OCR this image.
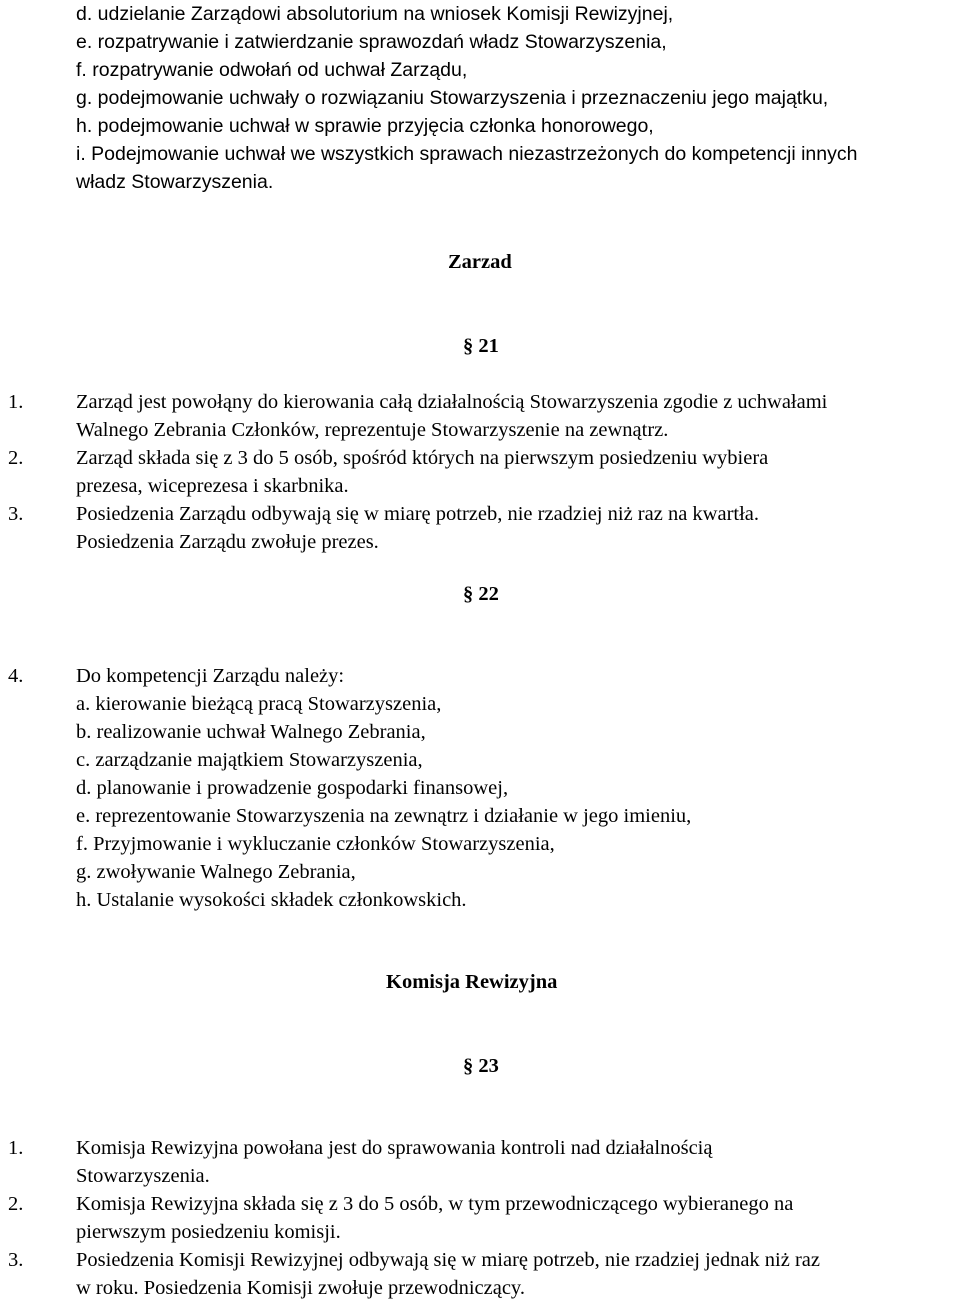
d. udzielanie Zarządowi absolutorium na wniosek Komisji Rewizyjnej,
e. rozpatrywanie i zatwierdzanie sprawozdań władz Stowarzyszenia,
f. rozpatrywanie odwołań od uchwał Zarządu,
g. podejmowanie uchwały o rozwiązaniu Stowarzyszenia i przeznaczeniu jego majątku,
h. podejmowanie uchwał w sprawie przyjęcia członka honorowego,
i. Podejmowanie uchwał we wszystkich sprawach niezastrzeżonych do kompetencji innych
władz Stowarzyszenia.
Zarzad
§ 21
1.	Zarząd jest powołąny do kierowania całą działalnością Stowarzyszenia zgodie z uchwałami
Walnego Zebrania Członków, reprezentuje Stowarzyszenie na zewnątrz.
2.	Zarząd składa się z 3 do 5 osób, spośród których na pierwszym posiedzeniu wybiera
prezesa, wiceprezesa i skarbnika.
3.	Posiedzenia Zarządu odbywają się w miarę potrzeb, nie rzadziej niż raz na kwartła.
Posiedzenia Zarządu zwołuje prezes.
§ 22
4.	Do kompetencji Zarządu należy:
a. kierowanie bieżącą pracą Stowarzyszenia,
b. realizowanie uchwał Walnego Zebrania,
c. zarządzanie majątkiem Stowarzyszenia,
d. planowanie i prowadzenie gospodarki finansowej,
e. reprezentowanie Stowarzyszenia na zewnątrz i działanie w jego imieniu,
f. Przyjmowanie i wykluczanie członków Stowarzyszenia,
g. zwoływanie Walnego Zebrania,
h. Ustalanie wysokości składek członkowskich.
Komisja Rewizyjna
§ 23
1.	Komisja Rewizyjna powołana jest do sprawowania kontroli nad działalnością
Stowarzyszenia.
2.	Komisja Rewizyjna składa się z 3 do 5 osób, w tym przewodniczącego wybieranego na
pierwszym posiedzeniu komisji.
3.	Posiedzenia Komisji Rewizyjnej odbywają się w miarę potrzeb, nie rzadziej jednak niż raz
w roku. Posiedzenia Komisji zwołuje przewodniczący.
